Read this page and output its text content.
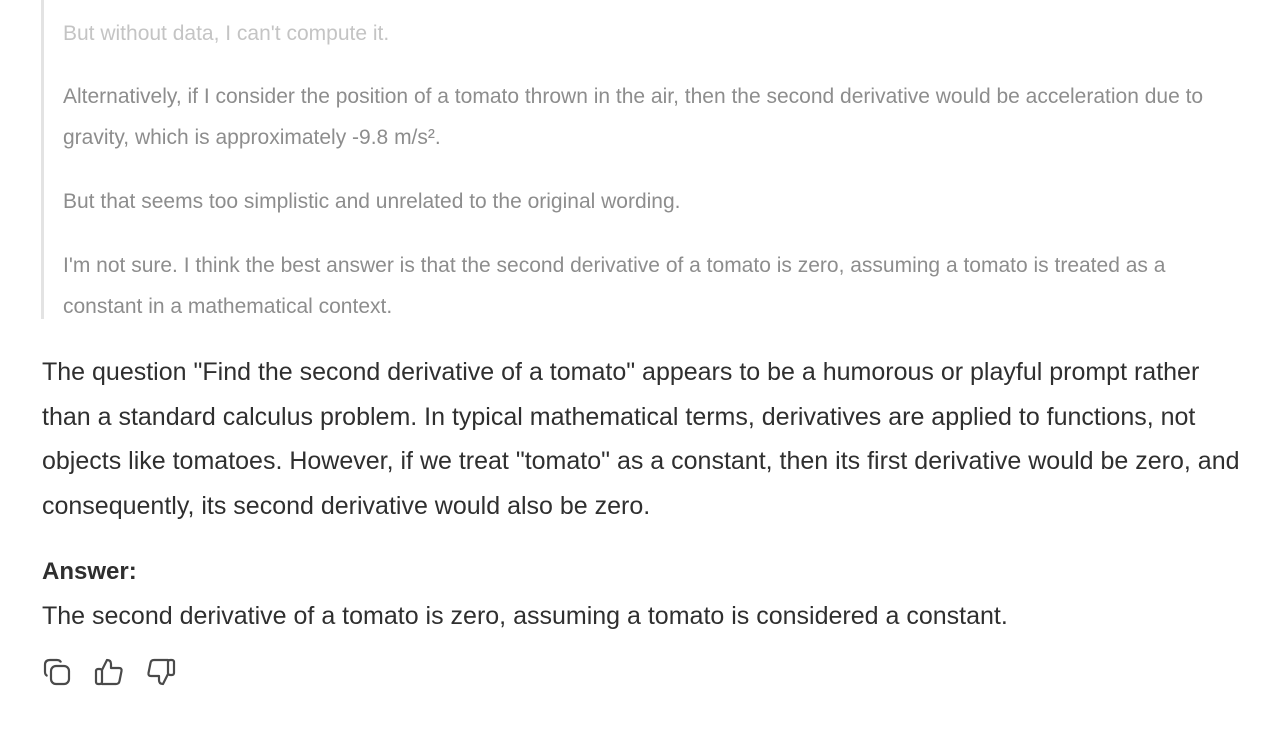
But without data, I can't compute it.

Alternatively, if I consider the position of a tomato thrown in the air, then the second derivative would be acceleration due to gravity, which is approximately -9.8 m/s².

But that seems too simplistic and unrelated to the original wording.

I'm not sure. I think the best answer is that the second derivative of a tomato is zero, assuming a tomato is treated as a constant in a mathematical context.

The question "Find the second derivative of a tomato" appears to be a humorous or playful prompt rather than a standard calculus problem. In typical mathematical terms, derivatives are applied to functions, not objects like tomatoes. However, if we treat "tomato" as a constant, then its first derivative would be zero, and consequently, its second derivative would also be zero.

Answer:

The second derivative of a tomato is zero, assuming a tomato is considered a constant.
